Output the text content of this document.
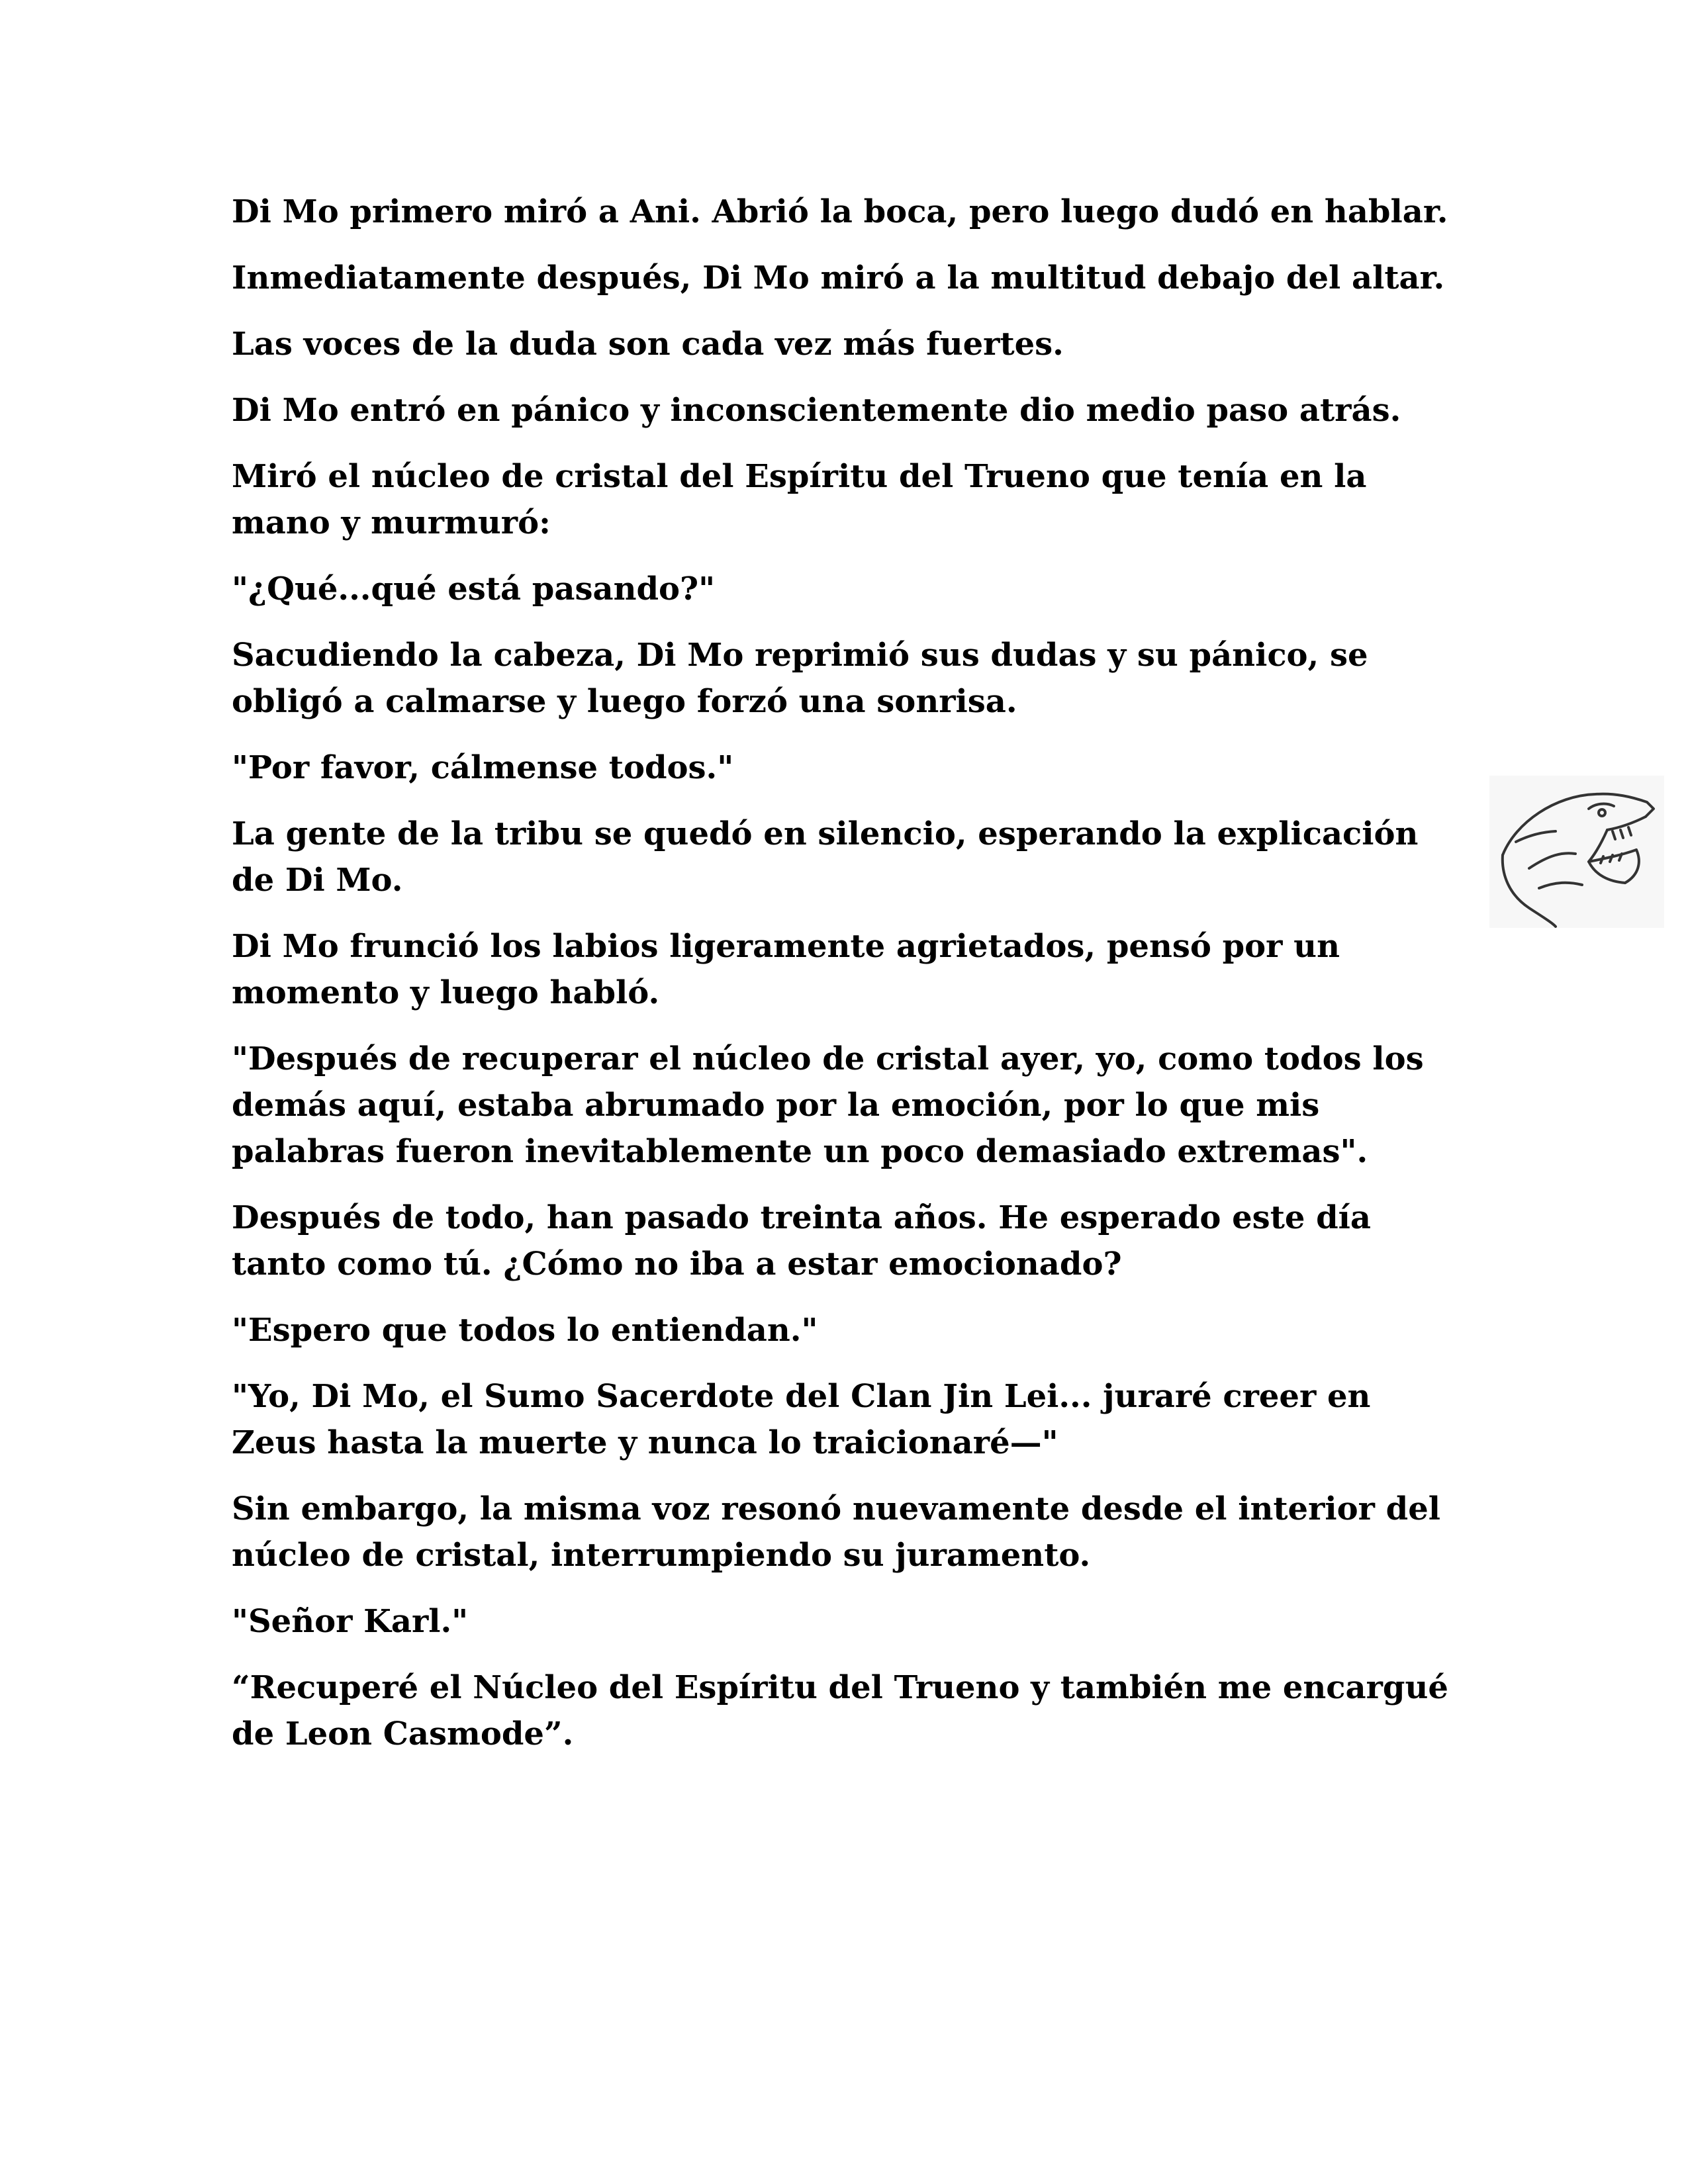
Di Mo primero miró a Ani. Abrió la boca, pero luego dudó en hablar.

Inmediatamente después, Di Mo miró a la multitud debajo del altar.

Las voces de la duda son cada vez más fuertes.

Di Mo entró en pánico y inconscientemente dio medio paso atrás.

Miró el núcleo de cristal del Espíritu del Trueno que tenía en la mano y murmuró:

"¿Qué...qué está pasando?"

Sacudiendo la cabeza, Di Mo reprimió sus dudas y su pánico, se obligó a calmarse y luego forzó una sonrisa.

"Por favor, cálmense todos."

La gente de la tribu se quedó en silencio, esperando la explicación de Di Mo.

Di Mo frunció los labios ligeramente agrietados, pensó por un momento y luego habló.

"Después de recuperar el núcleo de cristal ayer, yo, como todos los demás aquí, estaba abrumado por la emoción, por lo que mis palabras fueron inevitablemente un poco demasiado extremas".

Después de todo, han pasado treinta años. He esperado este día tanto como tú. ¿Cómo no iba a estar emocionado?

"Espero que todos lo entiendan."

"Yo, Di Mo, el Sumo Sacerdote del Clan Jin Lei... juraré creer en Zeus hasta la muerte y nunca lo traicionaré—"

Sin embargo, la misma voz resonó nuevamente desde el interior del núcleo de cristal, interrumpiendo su juramento.

"Señor Karl."

“Recuperé el Núcleo del Espíritu del Trueno y también me encargué de Leon Casmode”.
